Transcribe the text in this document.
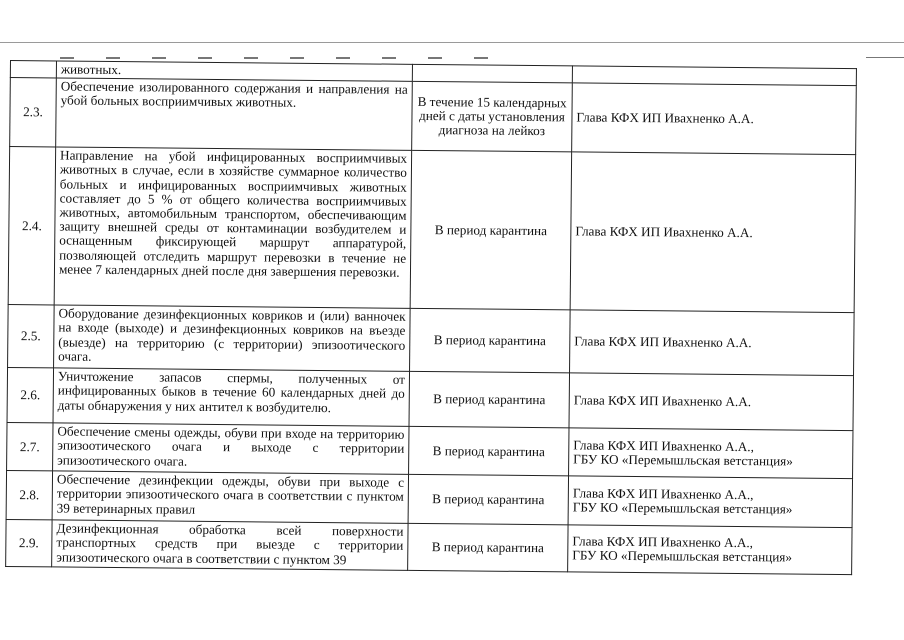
	животных.		

2.3.	Обеспечение изолированного содержания и направления на убой больных восприимчивых животных.	В течение 15 календарных дней с даты установления диагноза на лейкоз	Глава КФХ ИП Ивахненко А.А.

2.4.	Направление на убой инфицированных восприимчивых животных в случае, если в хозяйстве суммарное количество больных и инфицированных восприимчивых животных составляет до 5 % от общего количества восприимчивых животных, автомобильным транспортом, обеспечивающим защиту внешней среды от контаминации возбудителем и оснащенным фиксирующей маршрут аппаратурой, позволяющей отследить маршрут перевозки в течение не менее 7 календарных дней после дня завершения перевозки.	В период карантина	Глава КФХ ИП Ивахненко А.А.

2.5.	Оборудование дезинфекционных ковриков и (или) ванночек на входе (выходе) и дезинфекционных ковриков на въезде (выезде) на территорию (с территории) эпизоотического очага.	В период карантина	Глава КФХ ИП Ивахненко А.А.

2.6.	Уничтожение запасов спермы, полученных от инфицированных быков в течение 60 календарных дней до даты обнаружения у них антител к возбудителю.	В период карантина	Глава КФХ ИП Ивахненко А.А.

2.7.	Обеспечение смены одежды, обуви при входе на территорию эпизоотического очага и выходе с территории эпизоотического очага.	В период карантина	Глава КФХ ИП Ивахненко А.А.,
ГБУ КО «Перемышльская ветстанция»

2.8.	Обеспечение дезинфекции одежды, обуви при выходе с территории эпизоотического очага в соответствии с пунктом 39 ветеринарных правил	В период карантина	Глава КФХ ИП Ивахненко А.А.,
ГБУ КО «Перемышльская ветстанция»

2.9.	Дезинфекционная обработка всей поверхности транспортных средств при выезде с территории эпизоотического очага в соответствии с пунктом 39	В период карантина	Глава КФХ ИП Ивахненко А.А.,
ГБУ КО «Перемышльская ветстанция»
